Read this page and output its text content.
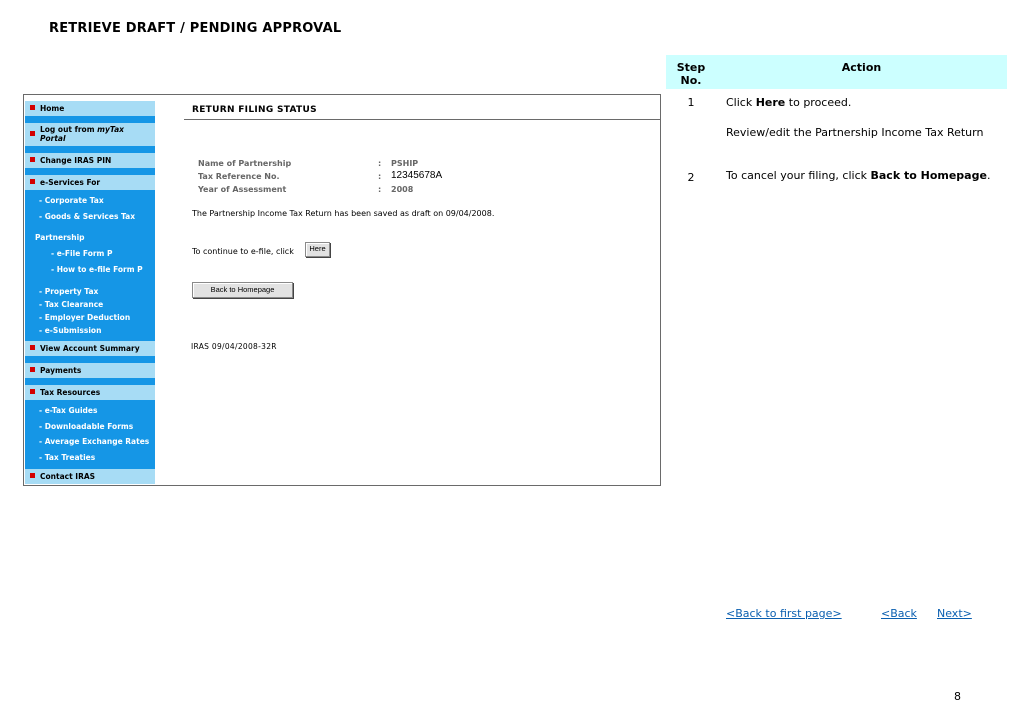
RETRIEVE DRAFT / PENDING APPROVAL
Home
Log out from myTax
Portal
Change IRAS PIN
e-Services For
- Corporate Tax
- Goods & Services Tax
Partnership
- e-File Form P
- How to e-file Form P
- Property Tax
- Tax Clearance
- Employer Deduction
- e-Submission
View Account Summary
Payments
Tax Resources
- e-Tax Guides
- Downloadable Forms
- Average Exchange Rates
- Tax Treaties
Contact IRAS
RETURN FILING STATUS
Name of Partnership	: PSHIP
Tax Reference No.	: 12345678A
Year of Assessment	: 2008
The Partnership Income Tax Return has been saved as draft on 09/04/2008.
To continue to e-file, click	Here
Back to Homepage
IRAS 09/04/2008-32R
Step
No.
Action
1	Click Here to proceed.
Review/edit the Partnership Income Tax Return
2	To cancel your filing, click Back to Homepage.
<Back to first page>	<Back Next>
8
